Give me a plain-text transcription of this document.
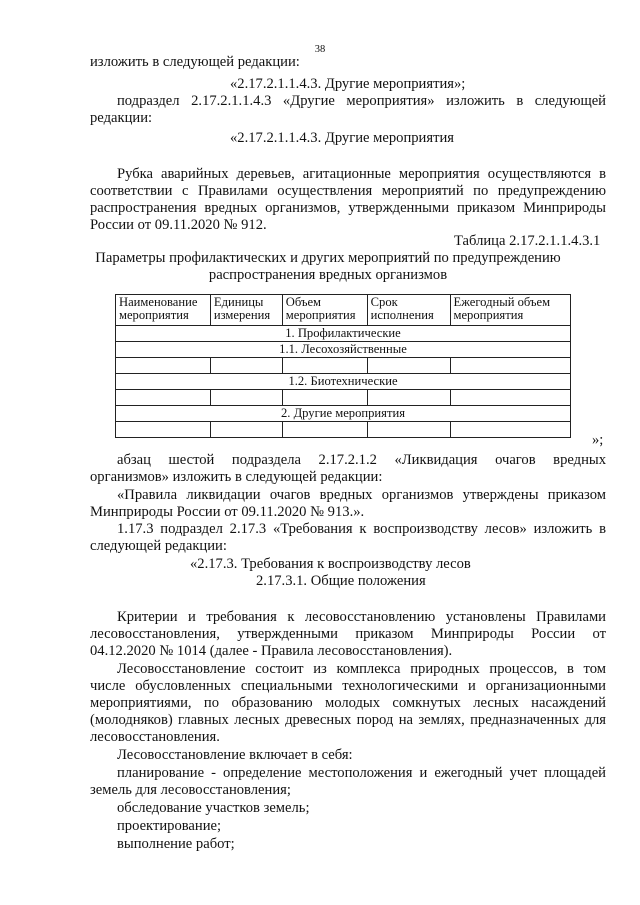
38
изложить в следующей редакции:
«2.17.2.1.1.4.3. Другие мероприятия»;
подраздел 2.17.2.1.1.4.3 «Другие мероприятия» изложить в следующей
редакции:
«2.17.2.1.1.4.3. Другие мероприятия
Рубка аварийных деревьев, агитационные мероприятия осуществляются в
соответствии с Правилами осуществления мероприятий по предупреждению
распространения вредных организмов, утвержденными приказом Минприроды
России от 09.11.2020 № 912.
Таблица 2.17.2.1.1.4.3.1
Параметры профилактических и других мероприятий по предупреждению
распространения вредных организмов
Наименование мероприятия	Единицы измерения	Объем мероприятия	Срок исполнения	Ежегодный объем мероприятия
1. Профилактические				
1.1. Лесохозяйственные				

1.2. Биотехнические				

2. Другие мероприятия				

»;
абзац шестой подраздела 2.17.2.1.2 «Ликвидация очагов вредных
организмов» изложить в следующей редакции:
«Правила ликвидации очагов вредных организмов утверждены приказом
Минприроды России от 09.11.2020 № 913.».
1.17.3 подраздел 2.17.3 «Требования к воспроизводству лесов» изложить в
следующей редакции:
«2.17.3. Требования к воспроизводству лесов
2.17.3.1. Общие положения
Критерии и требования к лесовосстановлению установлены Правилами
лесовосстановления, утвержденными приказом Минприроды России от
04.12.2020 № 1014 (далее - Правила лесовосстановления).
Лесовосстановление состоит из комплекса природных процессов, в том
числе обусловленных специальными технологическими и организационными
мероприятиями, по образованию молодых сомкнутых лесных насаждений
(молодняков) главных лесных древесных пород на землях, предназначенных для
лесовосстановления.
Лесовосстановление включает в себя:
планирование - определение местоположения и ежегодный учет площадей
земель для лесовосстановления;
обследование участков земель;
проектирование;
выполнение работ;
